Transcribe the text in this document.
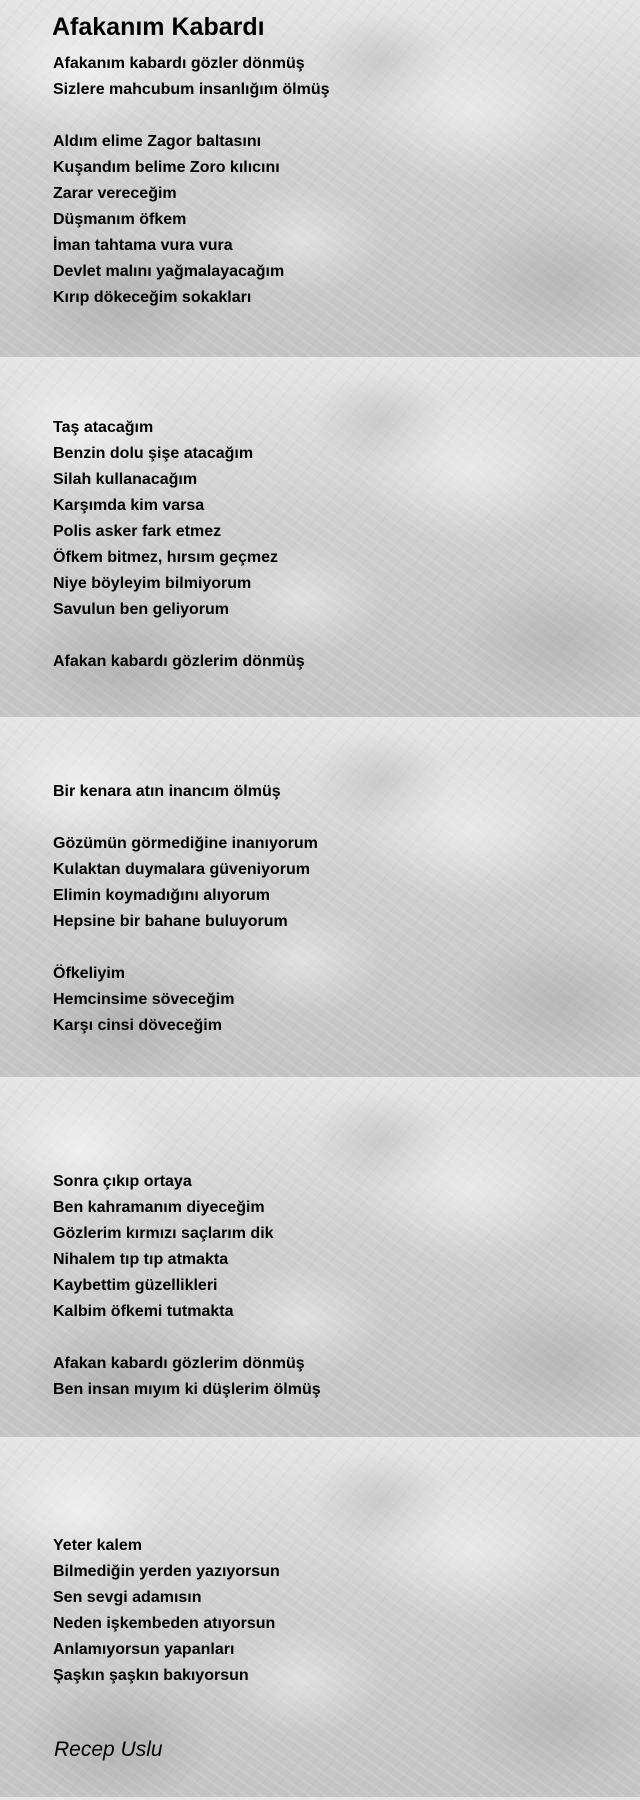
Afakanım Kabardı
Afakanım kabardı gözler dönmüş
Sizlere mahcubum insanlığım ölmüş
Aldım elime Zagor baltasını
Kuşandım belime Zoro kılıcını
Zarar vereceğim
Düşmanım öfkem
İman tahtama vura vura
Devlet malını yağmalayacağım
Kırıp dökeceğim sokakları
Taş atacağım
Benzin dolu şişe atacağım
Silah kullanacağım
Karşımda kim varsa
Polis asker fark etmez
Öfkem bitmez, hırsım geçmez
Niye böyleyim bilmiyorum
Savulun ben geliyorum
Afakan kabardı gözlerim dönmüş
Bir kenara atın inancım ölmüş
Gözümün görmediğine inanıyorum
Kulaktan duymalara güveniyorum
Elimin koymadığını alıyorum
Hepsine bir bahane buluyorum
Öfkeliyim
Hemcinsime söveceğim
Karşı cinsi döveceğim
Sonra çıkıp ortaya
Ben kahramanım diyeceğim
Gözlerim kırmızı saçlarım dik
Nihalem tıp tıp atmakta
Kaybettim güzellikleri
Kalbim öfkemi tutmakta
Afakan kabardı gözlerim dönmüş
Ben insan mıyım ki düşlerim ölmüş
Yeter kalem
Bilmediğin yerden yazıyorsun
Sen sevgi adamısın
Neden işkembeden atıyorsun
Anlamıyorsun yapanları
Şaşkın şaşkın bakıyorsun
Recep Uslu
